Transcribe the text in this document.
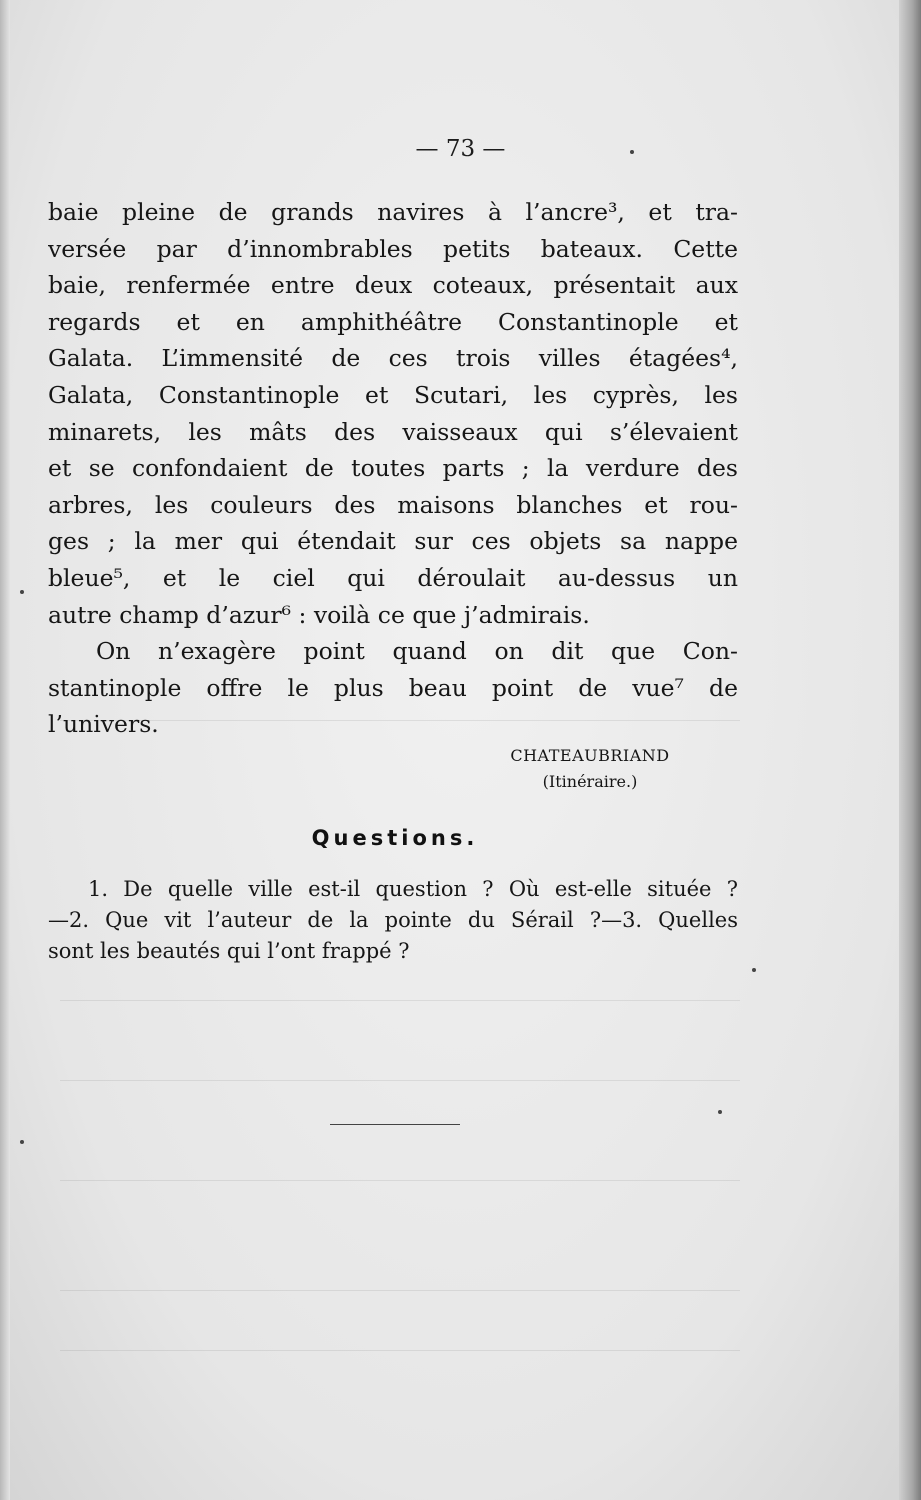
— 73 —
baie pleine de grands navires à l’ancre³, et tra-
versée par d’innombrables petits bateaux. Cette
baie, renfermée entre deux coteaux, présentait aux
regards et en amphithéâtre Constantinople et
Galata. L’immensité de ces trois villes étagées⁴,
Galata, Constantinople et Scutari, les cyprès, les
minarets, les mâts des vaisseaux qui s’élevaient
et se confondaient de toutes parts ; la verdure des
arbres, les couleurs des maisons blanches et rou-
ges ; la mer qui étendait sur ces objets sa nappe
bleue⁵, et le ciel qui déroulait au-dessus un
autre champ d’azur⁶ : voilà ce que j’admirais.
On n’exagère point quand on dit que Con-
stantinople offre le plus beau point de vue⁷ de
l’univers.
CHATEAUBRIAND
(Itinéraire.)
Questions.
1. De quelle ville est-il question ? Où est-elle située ?
—2. Que vit l’auteur de la pointe du Sérail ?—3. Quelles
sont les beautés qui l’ont frappé ?
